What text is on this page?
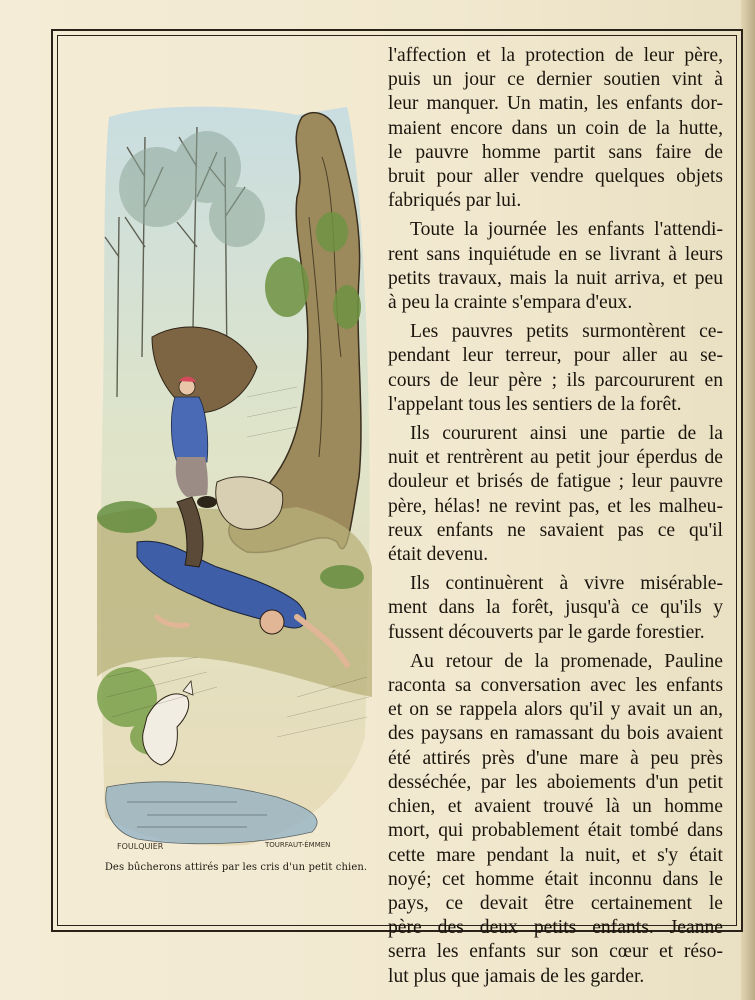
FOULQUIER	TOURFAUT-ÉMMEN
Des bûcherons attirés par les cris d'un petit chien.
l'affection et la protection de leur père,
puis un jour ce dernier soutien vint à
leur manquer. Un matin, les enfants dor-
maient encore dans un coin de la hutte,
le pauvre homme partit sans faire de
bruit pour aller vendre quelques objets
fabriqués par lui.
Toute la journée les enfants l'attendi-
rent sans inquiétude en se livrant à leurs
petits travaux, mais la nuit arriva, et peu
à peu la crainte s'empara d'eux.
Les pauvres petits surmontèrent ce-
pendant leur terreur, pour aller au se-
cours de leur père ; ils parcoururent en
l'appelant tous les sentiers de la forêt.
Ils coururent ainsi une partie de la
nuit et rentrèrent au petit jour éperdus de
douleur et brisés de fatigue ; leur pauvre
père, hélas! ne revint pas, et les malheu-
reux enfants ne savaient pas ce qu'il
était devenu.
Ils continuèrent à vivre misérable-
ment dans la forêt, jusqu'à ce qu'ils y
fussent découverts par le garde forestier.
Au retour de la promenade, Pauline
raconta sa conversation avec les enfants
et on se rappela alors qu'il y avait un an,
des paysans en ramassant du bois avaient
été attirés près d'une mare à peu près
desséchée, par les aboiements d'un petit
chien, et avaient trouvé là un homme
mort, qui probablement était tombé dans
cette mare pendant la nuit, et s'y était
noyé; cet homme était inconnu dans le
pays, ce devait être certainement le
père des deux petits enfants. Jeanne
serra les enfants sur son cœur et réso-
lut plus que jamais de les garder.
